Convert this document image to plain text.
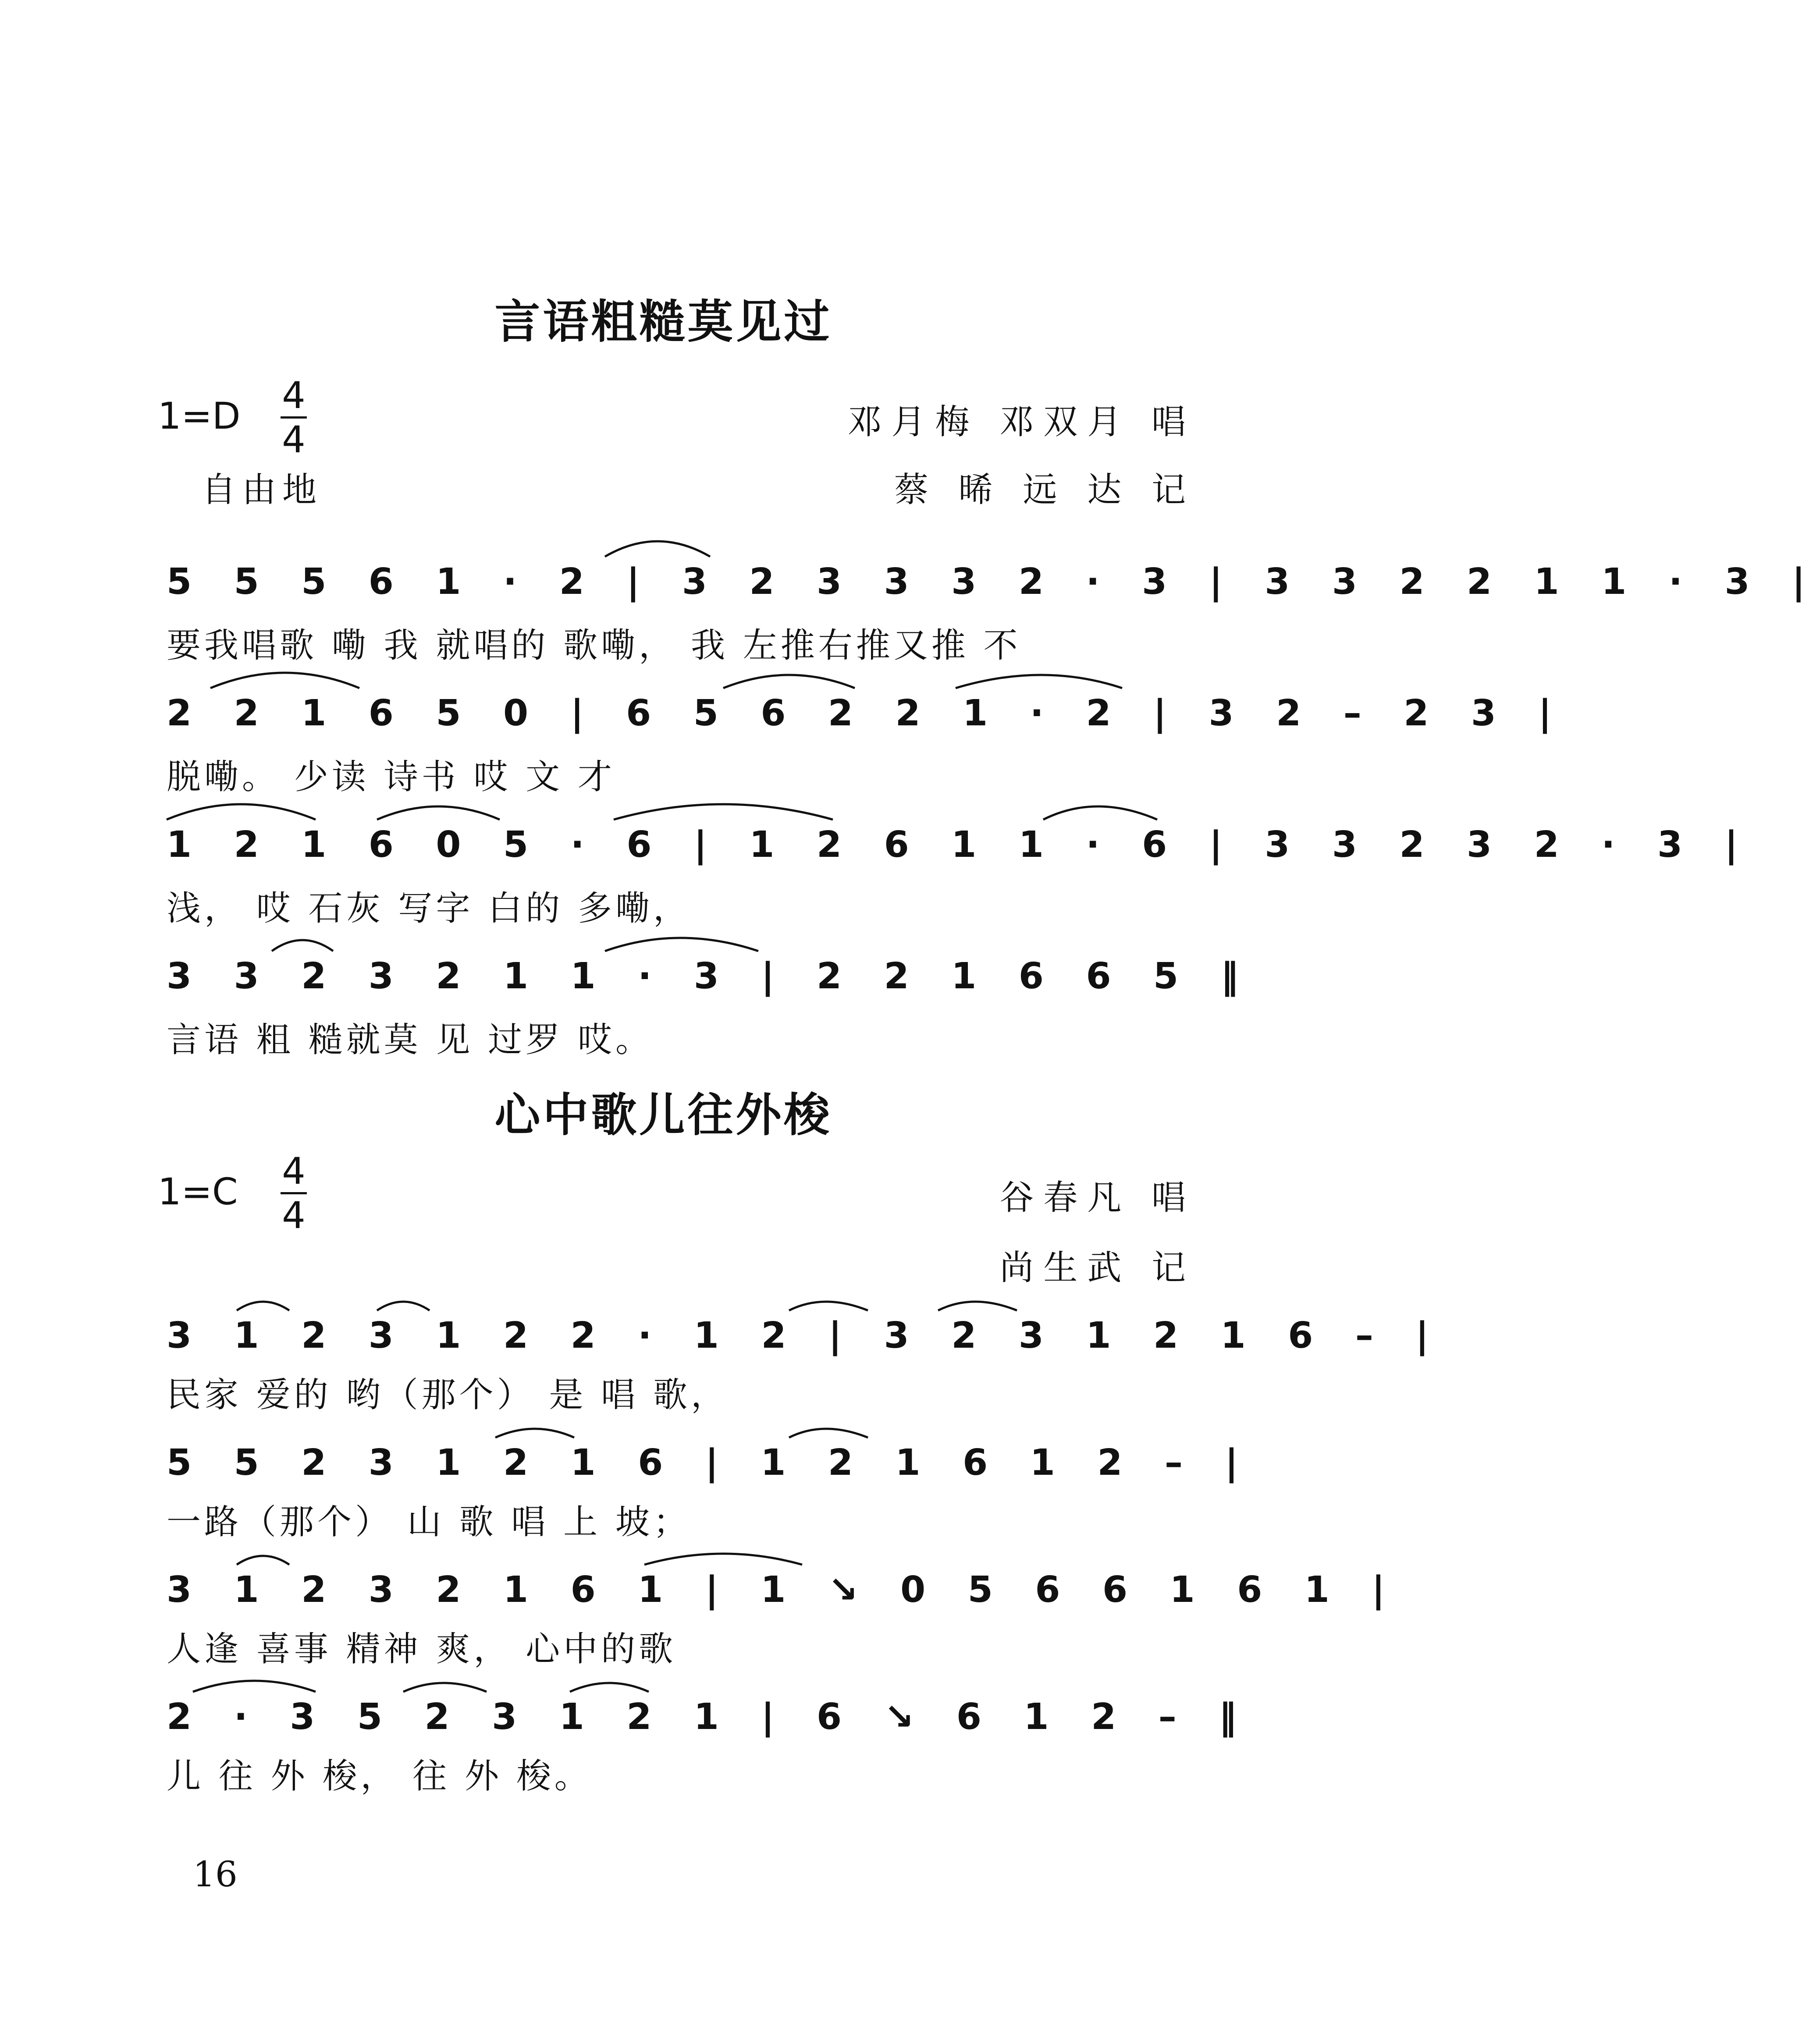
言语粗糙莫见过
1=D 4
4	邓月梅 邓双月 唱
自由地	蔡 晞 远 达 记
5 5 5 6 1 · 2 | 3 2 3 3 3 2 · 3 | 3 3 2 2 1 1 · 3 |
要我唱歌 嘞 我 就唱的 歌嘞， 我 左推右推又推 不
2 2 1 6 5 0 | 6 5 6 2 2 1 · 2 | 3 2 – 2 3 |
脱嘞。 少读 诗书 哎 文 才
1 2 1 6 0 5 · 6 | 1 2 6 1 1 · 6 | 3 3 2 3 2 · 3 |
浅， 哎 石灰 写字 白的 多嘞，
3 3 2 3 2 1 1 · 3 | 2 2 1 6 6 5 ‖
言语 粗 糙就莫 见 过罗 哎。
心中歌儿往外梭
1=C 4
4	谷春凡 唱
尚生武 记
3 1 2 3 1 2 2 · 1 2 | 3 2 3 1 2 1 6 – |
民家 爱的 哟（那个） 是 唱 歌，
5 5 2 3 1 2 1 6 | 1 2 1 6 1 2 – |
一路（那个） 山 歌 唱 上 坡；
3 1 2 3 2 1 6 1 | 1 ↘ 0 5 6 6 1 6 1 |
人逢 喜事 精神 爽， 心中的歌
2 · 3 5 2 3 1 2 1 | 6 ↘ 6 1 2 – ‖
儿 往 外 梭， 往 外 梭。
16
